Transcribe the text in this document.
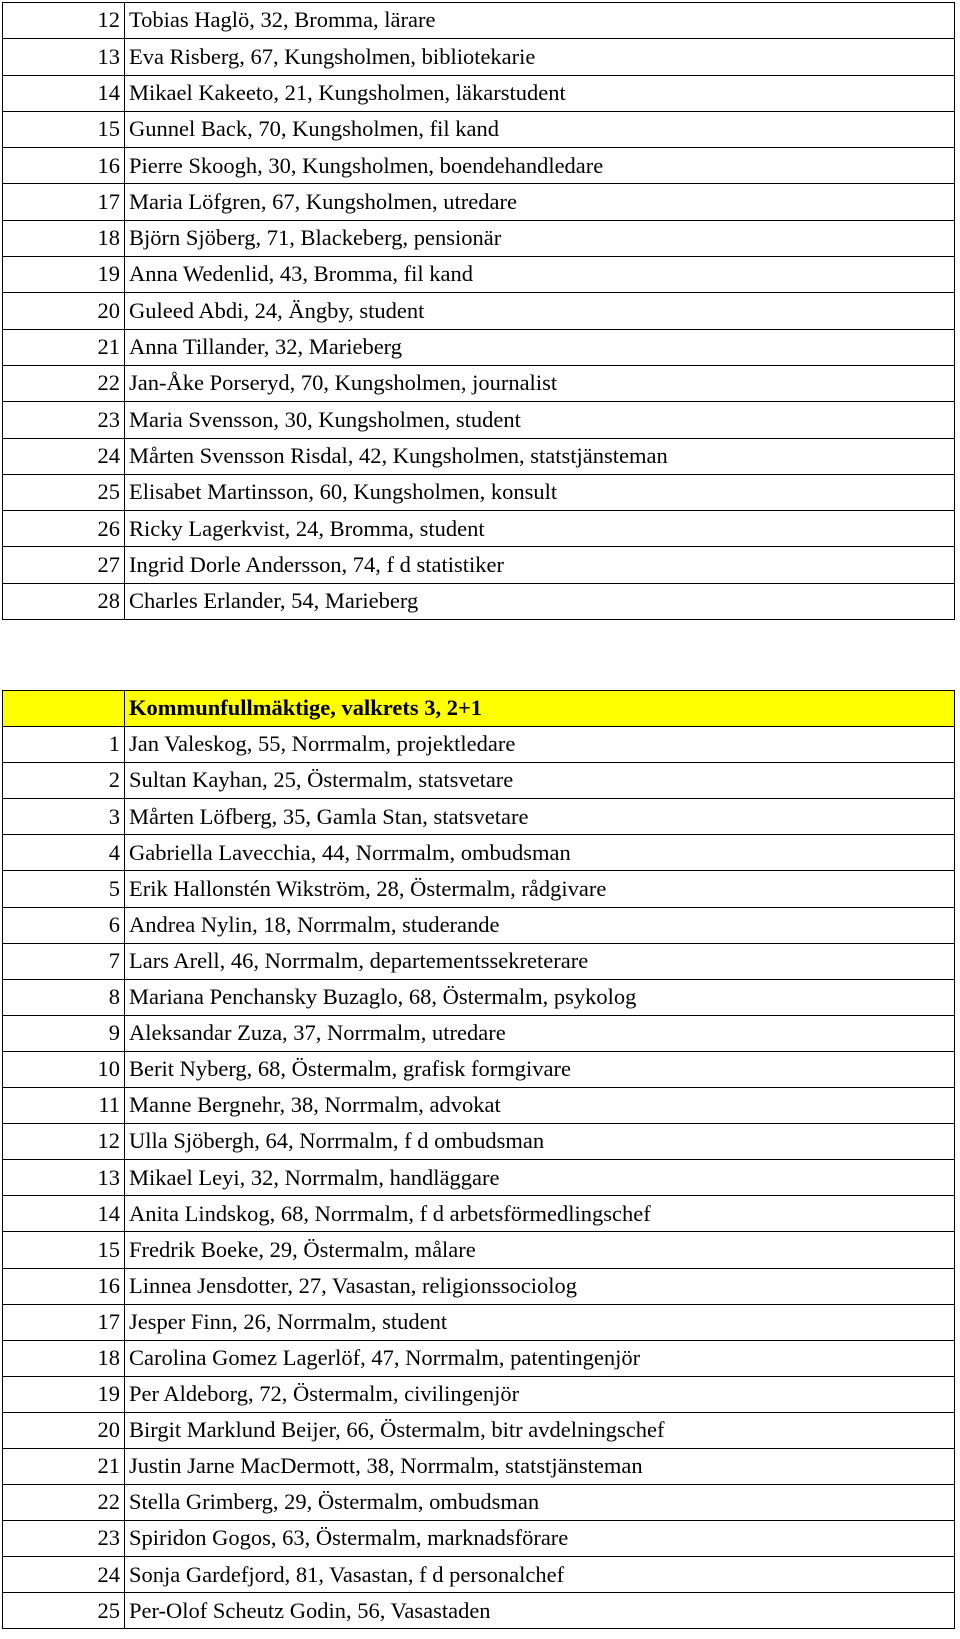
12	Tobias Haglö, 32, Bromma, lärare
13	Eva Risberg, 67, Kungsholmen, bibliotekarie
14	Mikael Kakeeto, 21, Kungsholmen, läkarstudent
15	Gunnel Back, 70, Kungsholmen, fil kand
16	Pierre Skoogh, 30, Kungsholmen, boendehandledare
17	Maria Löfgren, 67, Kungsholmen, utredare
18	Björn Sjöberg, 71, Blackeberg, pensionär
19	Anna Wedenlid, 43, Bromma, fil kand
20	Guleed Abdi, 24, Ängby, student
21	Anna Tillander, 32, Marieberg
22	Jan-Åke Porseryd, 70, Kungsholmen, journalist
23	Maria Svensson, 30, Kungsholmen, student
24	Mårten Svensson Risdal, 42, Kungsholmen, statstjänsteman
25	Elisabet Martinsson, 60, Kungsholmen, konsult
26	Ricky Lagerkvist, 24, Bromma, student
27	Ingrid Dorle Andersson, 74, f d statistiker
28	Charles Erlander, 54, Marieberg
	Kommunfullmäktige, valkrets 3, 2+1
1	Jan Valeskog, 55, Norrmalm, projektledare
2	Sultan Kayhan, 25, Östermalm, statsvetare
3	Mårten Löfberg, 35, Gamla Stan, statsvetare
4	Gabriella Lavecchia, 44, Norrmalm, ombudsman
5	Erik Hallonstén Wikström, 28, Östermalm, rådgivare
6	Andrea Nylin, 18, Norrmalm, studerande
7	Lars Arell, 46, Norrmalm, departementssekreterare
8	Mariana Penchansky Buzaglo, 68, Östermalm, psykolog
9	Aleksandar Zuza, 37, Norrmalm, utredare
10	Berit Nyberg, 68, Östermalm, grafisk formgivare
11	Manne Bergnehr, 38, Norrmalm, advokat
12	Ulla Sjöbergh, 64, Norrmalm, f d ombudsman
13	Mikael Leyi, 32, Norrmalm, handläggare
14	Anita Lindskog, 68, Norrmalm, f d arbetsförmedlingschef
15	Fredrik Boeke, 29, Östermalm, målare
16	Linnea Jensdotter, 27, Vasastan, religionssociolog
17	Jesper Finn, 26, Norrmalm, student
18	Carolina Gomez Lagerlöf, 47, Norrmalm, patentingenjör
19	Per Aldeborg, 72, Östermalm, civilingenjör
20	Birgit Marklund Beijer, 66, Östermalm, bitr avdelningschef
21	Justin Jarne MacDermott, 38, Norrmalm, statstjänsteman
22	Stella Grimberg, 29, Östermalm, ombudsman
23	Spiridon Gogos, 63, Östermalm, marknadsförare
24	Sonja Gardefjord, 81, Vasastan, f d personalchef
25	Per-Olof Scheutz Godin, 56, Vasastaden
